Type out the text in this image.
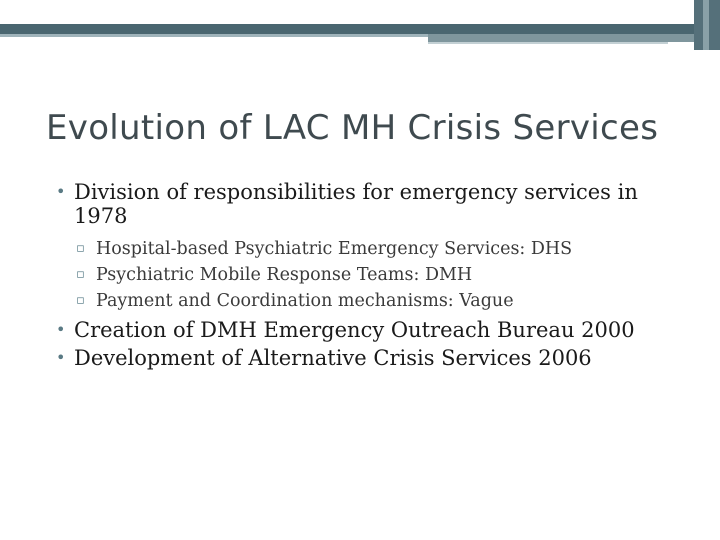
Evolution of LAC MH Crisis Services
• Division of responsibilities for emergency services in 1978
▫ Hospital-based Psychiatric Emergency Services: DHS
▫ Psychiatric Mobile Response Teams: DMH
▫ Payment and Coordination mechanisms: Vague
• Creation of DMH Emergency Outreach Bureau 2000
• Development of Alternative Crisis Services 2006
